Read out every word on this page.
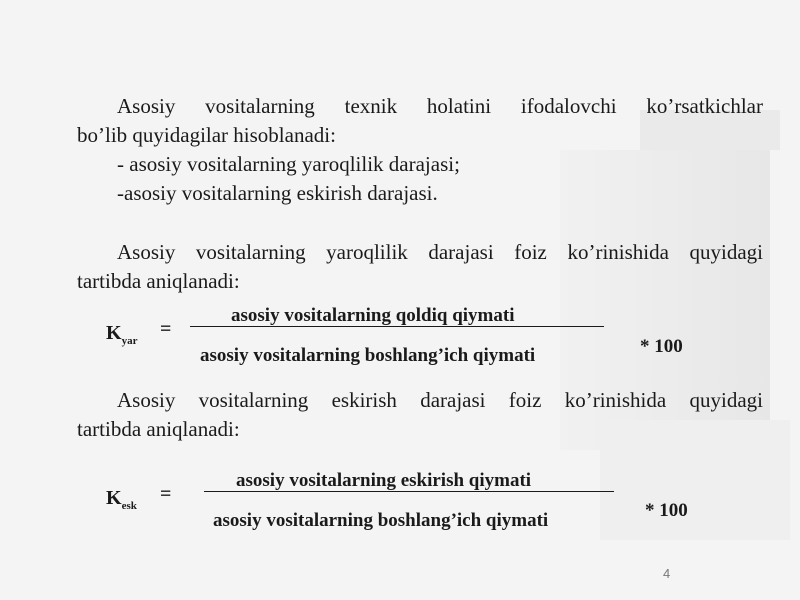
Asosiy vositalarning texnik holatini ifodalovchi ko’rsatkichlar
bo’lib quyidagilar hisoblanadi:
- asosiy vositalarning yaroqlilik darajasi;
-asosiy vositalarning eskirish darajasi.
Asosiy vositalarning yaroqlilik darajasi foiz ko’rinishida quyidagi
tartibda aniqlanadi:
$K_{yar}$
=
asosiy vositalarning qoldiq qiymati
asosiy vositalarning boshlang’ich qiymati	* 100
Asosiy vositalarning eskirish darajasi foiz ko’rinishida quyidagi
tartibda aniqlanadi:
$K_{esk}$
=
asosiy vositalarning eskirish qiymati
asosiy vositalarning boshlang’ich qiymati	* 100
4
